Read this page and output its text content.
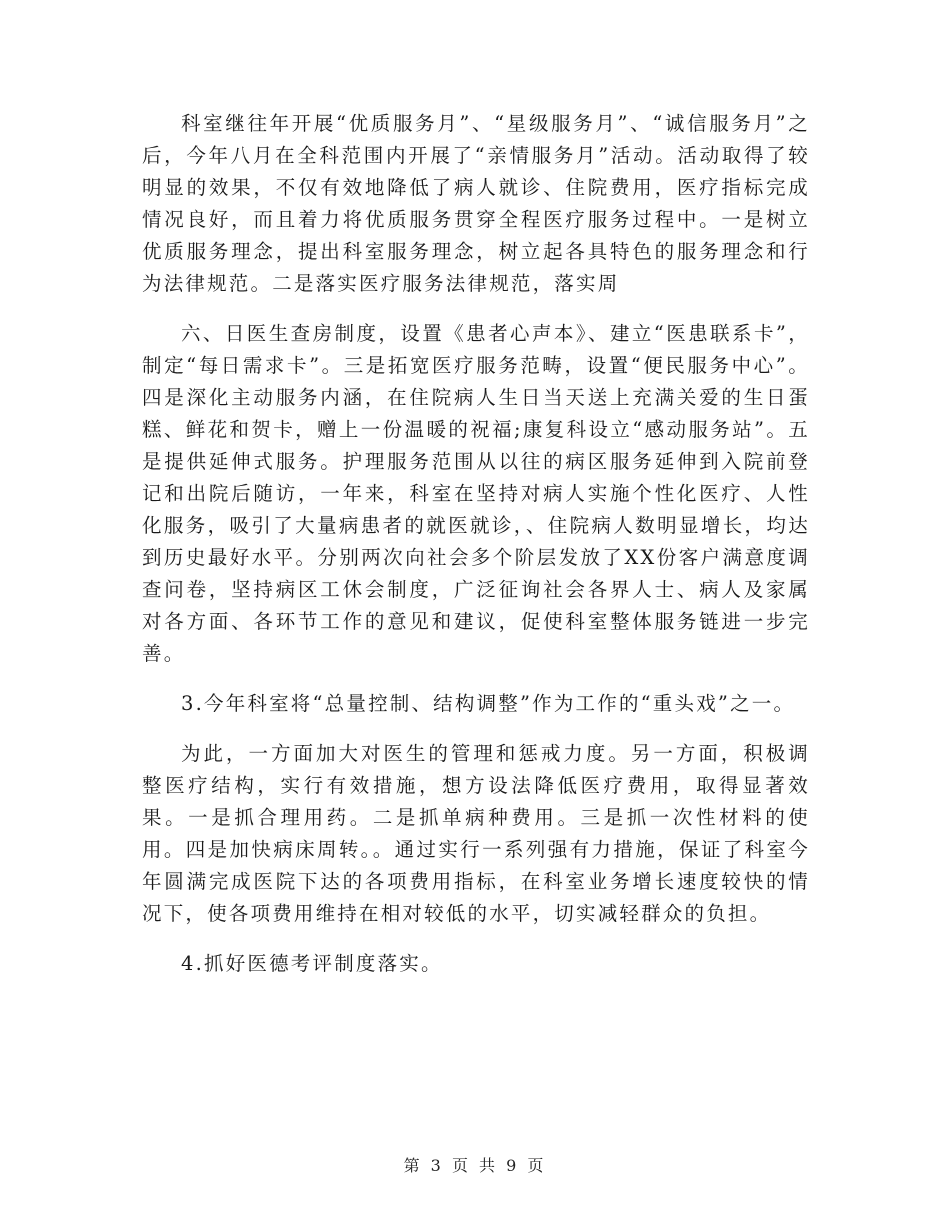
科室继往年开展“优质服务月”、“星级服务月”、“诚信服务月”之后，今年八月在全科范围内开展了“亲情服务月”活动。活动取得了较明显的效果，不仅有效地降低了病人就诊、住院费用，医疗指标完成情况良好，而且着力将优质服务贯穿全程医疗服务过程中。一是树立优质服务理念，提出科室服务理念，树立起各具特色的服务理念和行为法律规范。二是落实医疗服务法律规范，落实周

六、日医生查房制度，设置《患者心声本》、建立“医患联系卡”，制定“每日需求卡”。三是拓宽医疗服务范畴，设置“便民服务中心”。四是深化主动服务内涵，在住院病人生日当天送上充满关爱的生日蛋糕、鲜花和贺卡，赠上一份温暖的祝福;康复科设立“感动服务站”。五是提供延伸式服务。护理服务范围从以往的病区服务延伸到入院前登记和出院后随访，一年来，科室在坚持对病人实施个性化医疗、人性化服务，吸引了大量病患者的就医就诊，、住院病人数明显增长，均达到历史最好水平。分别两次向社会多个阶层发放了XX份客户满意度调查问卷，坚持病区工休会制度，广泛征询社会各界人士、病人及家属对各方面、各环节工作的意见和建议，促使科室整体服务链进一步完善。

3.今年科室将“总量控制、结构调整”作为工作的“重头戏”之一。

为此，一方面加大对医生的管理和惩戒力度。另一方面，积极调整医疗结构，实行有效措施，想方设法降低医疗费用，取得显著效果。一是抓合理用药。二是抓单病种费用。三是抓一次性材料的使用。四是加快病床周转。。通过实行一系列强有力措施，保证了科室今年圆满完成医院下达的各项费用指标，在科室业务增长速度较快的情况下，使各项费用维持在相对较低的水平，切实减轻群众的负担。

4.抓好医德考评制度落实。

第 3 页 共 9 页
